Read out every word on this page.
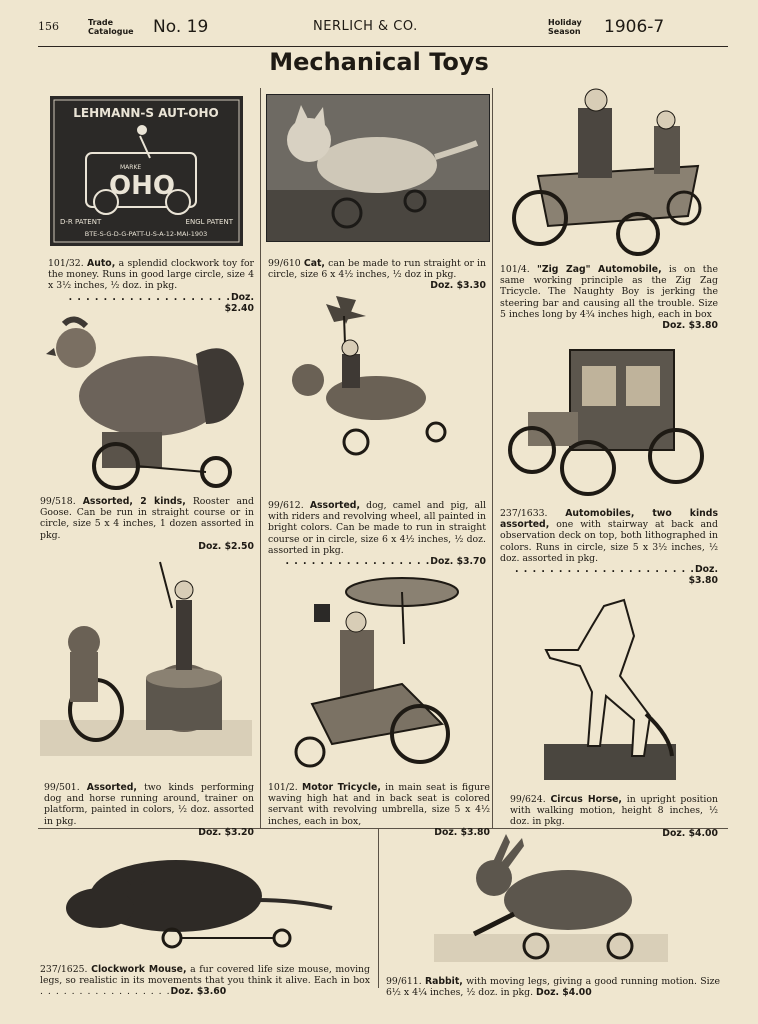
156	Trade
Catalogue No. 19	NERLICH & CO.	Holiday
Season 1906-7
Mechanical Toys
LEHMANN-S AUT-OHO
MARKE
OHO
D-R PATENT	ENGL PATENT
BTE-S-G-D-G-PATT-U-S-A-12-MAI-1903
101/32. Auto, a splendid clockwork toy for the money. Runs in good large circle, size 4 x 3½ inches, ½ doz. in pkg.
. . . . . . . . . . . . . . . . . . .Doz. $2.40
99/610 Cat, can be made to run straight or in circle, size 6 x 4½ inches, ½ doz in pkg.
Doz. $3.30
101/4. "Zig Zag" Automobile, is on the same working principle as the Zig Zag Tricycle. The Naughty Boy is jerking the steering bar and causing all the trouble. Size 5 inches long by 4¾ inches high, each in box
Doz. $3.80
99/518. Assorted, 2 kinds, Rooster and Goose. Can be run in straight course or in circle, size 5 x 4 inches, 1 dozen assorted in pkg.
Doz. $2.50
99/612. Assorted, dog, camel and pig, all with riders and revolving wheel, all painted in bright colors. Can be made to run in straight course or in circle, size 6 x 4½ inches, ½ doz. assorted in pkg.
. . . . . . . . . . . . . . . . .Doz. $3.70
237/1633. Automobiles, two kinds assorted, one with stairway at back and observation deck on top, both lithographed in colors. Runs in circle, size 5 x 3½ inches, ½ doz. assorted in pkg.
. . . . . . . . . . . . . . . . . . . . .Doz. $3.80
99/501. Assorted, two kinds performing dog and horse running around, trainer on platform, painted in colors, ½ doz. assorted in pkg.
Doz. $3.20
101/2. Motor Tricycle, in main seat is figure waving high hat and in back seat is colored servant with revolving umbrella, size 5 x 4½ inches, each in box,
Doz. $3.80
99/624. Circus Horse, in upright position with walking motion, height 8 inches, ½ doz. in pkg.
Doz. $4.00
237/1625. Clockwork Mouse, a fur covered life size mouse, moving legs, so realistic in its movements that you think it alive. Each in box . . . . . . . . . . . . . . . . .Doz. $3.60
99/611. Rabbit, with moving legs, giving a good running motion. Size 6½ x 4¼ inches, ½ doz. in pkg. Doz. $4.00
